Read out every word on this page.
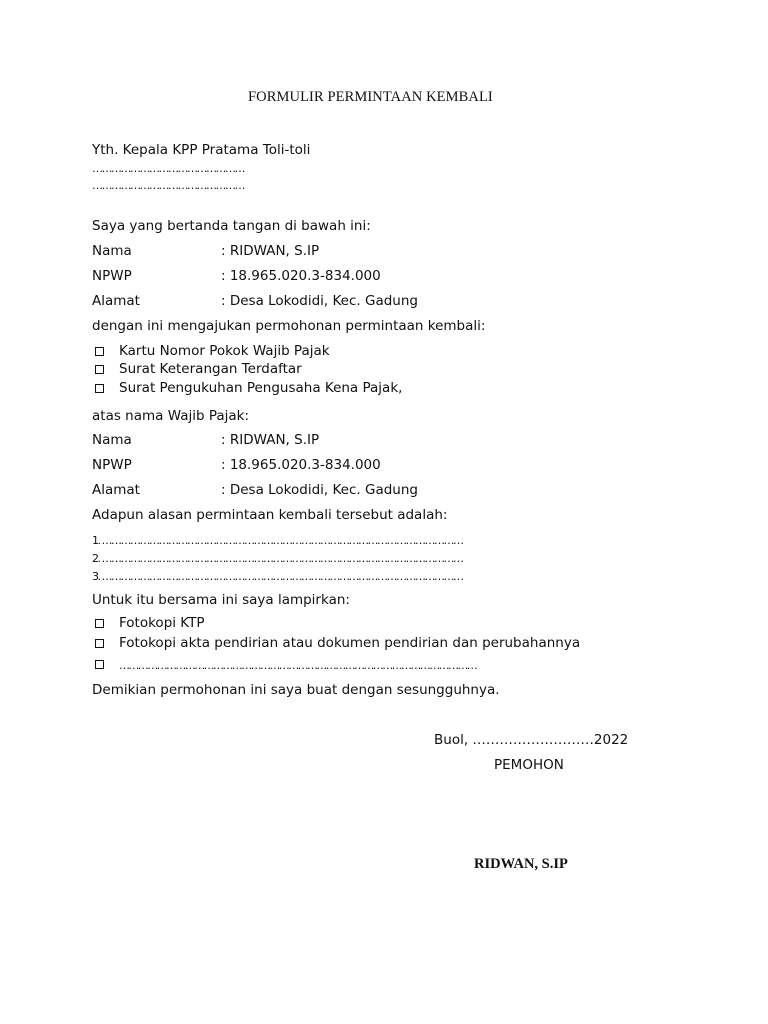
FORMULIR PERMINTAAN KEMBALI
Yth. Kepala KPP Pratama Toli-toli
…………………………………………
…………………………………………
Saya yang bertanda tangan di bawah ini:
Nama	: RIDWAN, S.IP
NPWP	: 18.965.020.3-834.000
Alamat	: Desa Lokodidi, Kec. Gadung
dengan ini mengajukan permohonan permintaan kembali:
Kartu Nomor Pokok Wajib Pajak
Surat Keterangan Terdaftar
Surat Pengukuhan Pengusaha Kena Pajak,
atas nama Wajib Pajak:
Nama	: RIDWAN, S.IP
NPWP	: 18.965.020.3-834.000
Alamat	: Desa Lokodidi, Kec. Gadung
Adapun alasan permintaan kembali tersebut adalah:
1. ……………………………………………………………………………………………………
2. ……………………………………………………………………………………………………
3. ……………………………………………………………………………………………………
Untuk itu bersama ini saya lampirkan:
Fotokopi KTP
Fotokopi akta pendirian atau dokumen pendirian dan perubahannya
……………………………………………………………………………………………………
Demikian permohonan ini saya buat dengan sesungguhnya.
Buol, ………………………2022
PEMOHON
RIDWAN, S.IP
